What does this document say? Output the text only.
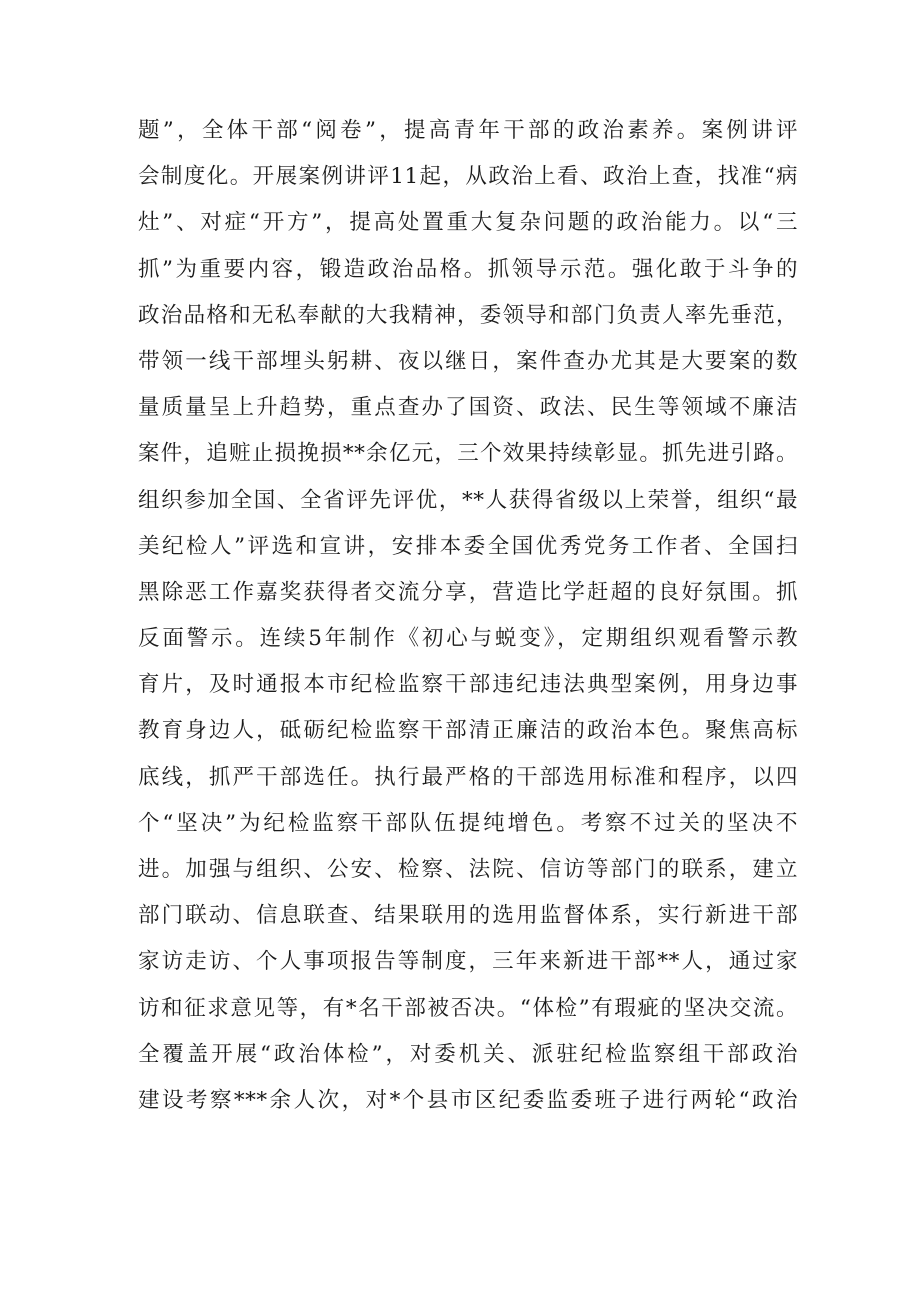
题”，全体干部“阅卷”，提高青年干部的政治素养。案例讲评
会制度化。开展案例讲评11起，从政治上看、政治上查，找准“病
灶”、对症“开方”，提高处置重大复杂问题的政治能力。以“三
抓”为重要内容，锻造政治品格。抓领导示范。强化敢于斗争的
政治品格和无私奉献的大我精神，委领导和部门负责人率先垂范，
带领一线干部埋头躬耕、夜以继日，案件查办尤其是大要案的数
量质量呈上升趋势，重点查办了国资、政法、民生等领域不廉洁
案件，追赃止损挽损**余亿元，三个效果持续彰显。抓先进引路。
组织参加全国、全省评先评优，**人获得省级以上荣誉，组织“最
美纪检人”评选和宣讲，安排本委全国优秀党务工作者、全国扫
黑除恶工作嘉奖获得者交流分享，营造比学赶超的良好氛围。抓
反面警示。连续5年制作《初心与蜕变》，定期组织观看警示教
育片，及时通报本市纪检监察干部违纪违法典型案例，用身边事
教育身边人，砥砺纪检监察干部清正廉洁的政治本色。聚焦高标
底线，抓严干部选任。执行最严格的干部选用标准和程序，以四
个“坚决”为纪检监察干部队伍提纯增色。考察不过关的坚决不
进。加强与组织、公安、检察、法院、信访等部门的联系，建立
部门联动、信息联查、结果联用的选用监督体系，实行新进干部
家访走访、个人事项报告等制度，三年来新进干部**人，通过家
访和征求意见等，有*名干部被否决。“体检”有瑕疵的坚决交流。
全覆盖开展“政治体检”，对委机关、派驻纪检监察组干部政治
建设考察***余人次，对*个县市区纪委监委班子进行两轮“政治
